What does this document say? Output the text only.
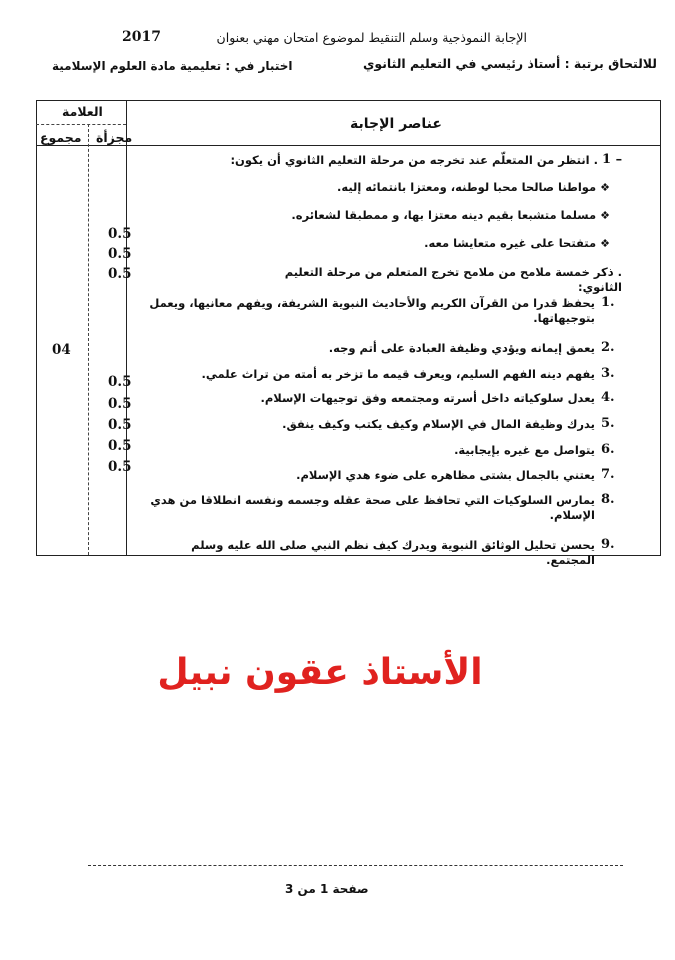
الإجابة النموذجية وسلم التنقيط لموضوع امتحان مهني بعنوان
2017
للالتحاق برتبة : أستاذ رئيسي في التعليم الثانوي
اختبار في : تعليمية مادة العلوم الإسلامية
العلامة
مجزأة
مجموع
عناصر الإجابة
1 –
. انتظر من المتعلّم عند تخرجه من مرحلة التعليم الثانوي أن يكون:
❖مواطنا صالحا محبا لوطنه، ومعتزا بانتمائه إليه.
❖مسلما متشبعا بقيم دينه معتزا بها، و ممطبقا لشعائره.
❖متفتحا على غيره متعايشا معه.
0.5
0.5
0.5	. ذكر خمسة ملامح من ملامح تخرج المتعلم من مرحلة التعليم الثانوي:
04
1.
يحفظ قدرا من القرآن الكريم والأحاديث النبوية الشريفة، ويفهم معانيها، ويعمل بتوجيهاتها.
2.
يعمق إيمانه ويؤدي وظيفة العبادة على أتم وجه.
3.
يفهم دينه الفهم السليم، ويعرف قيمه ما تزخر به أمته من تراث علمي.
4.
يعدل سلوكياته داخل أسرته ومجتمعه وفق توجيهات الإسلام.
5.
يدرك وظيفة المال في الإسلام وكيف يكتب وكيف ينفق.
6.
يتواصل مع غيره بإيجابية.
7.
يعتني بالجمال بشتى مظاهره على ضوء هدي الإسلام.
8.
يمارس السلوكيات التي تحافظ على صحة عقله وجسمه ونفسه انطلاقا من هدي الإسلام.
9.
يحسن تحليل الوثائق النبوية ويدرك كيف نظم النبي صلى الله عليه وسلم المجتمع.
0.5
0.5
0.5
0.5
0.5
الأستاذ عقون نبيل
صفحة 1 من 3
